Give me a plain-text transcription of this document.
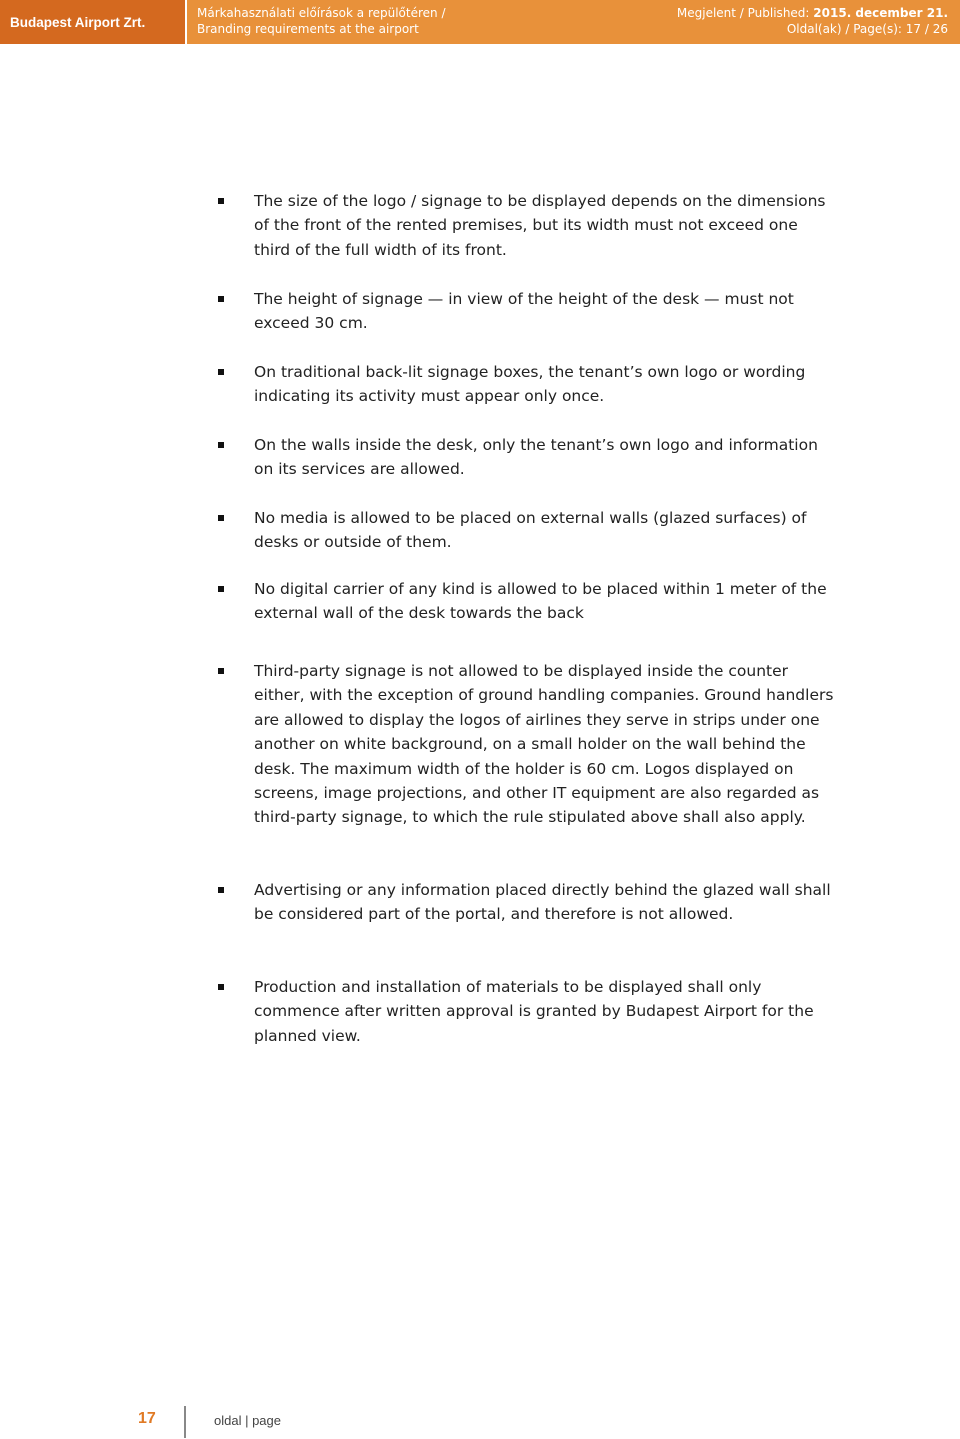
Budapest Airport Zrt.
Márkahasználati előírások a repülőtéren /
Branding requirements at the airport
Megjelent / Published: 2015. december 21.
Oldal(ak) / Page(s): 17 / 26
The size of the logo / signage to be displayed depends on the dimensions of the front of the rented premises, but its width must not exceed one third of the full width of its front.
The height of signage — in view of the height of the desk — must not exceed 30 cm.
On traditional back-lit signage boxes, the tenant’s own logo or wording indicating its activity must appear only once.
On the walls inside the desk, only the tenant’s own logo and information on its services are allowed.
No media is allowed to be placed on external walls (glazed surfaces) of desks or outside of them.
No digital carrier of any kind is allowed to be placed within 1 meter of the external wall of the desk towards the back
Third-party signage is not allowed to be displayed inside the counter either, with the exception of ground handling companies. Ground handlers are allowed to display the logos of airlines they serve in strips under one another on white background, on a small holder on the wall behind the desk. The maximum width of the holder is 60 cm. Logos displayed on screens, image projections, and other IT equipment are also regarded as third-party signage, to which the rule stipulated above shall also apply.
Advertising or any information placed directly behind the glazed wall shall be considered part of the portal, and therefore is not allowed.
Production and installation of materials to be displayed shall only commence after written approval is granted by Budapest Airport for the planned view.
17	oldal | page
